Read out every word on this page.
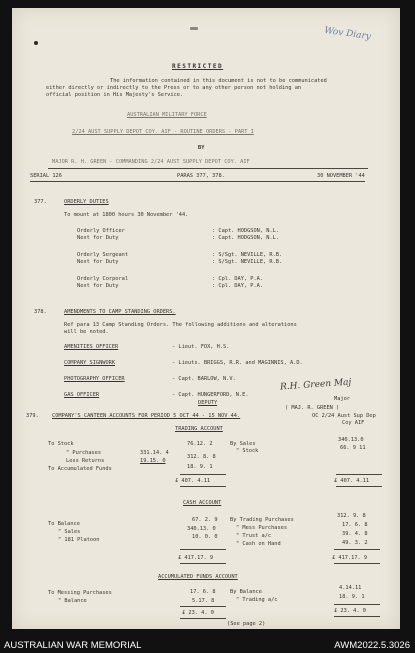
Wov Diary
RESTRICTED
The information contained in this document is not to be communicated
either directly or indirectly to the Press or to any other person not holding an
official position in His Majesty's Service.
AUSTRALIAN MILITARY FORCE
2/24 AUST SUPPLY DEPOT COY. AIF - ROUTINE ORDERS - PART I
BY
MAJOR R. H. GREEN - COMMANDING 2/24 AUST SUPPLY DEPOT COY. AIF
SERIAL 126	PARAS 377, 378.	30 NOVEMBER '44
377.	ORDERLY DUTIES
To mount at 1800 hours 30 November '44.
Orderly Officer	: Capt. HODGSON, N.L.
Next for Duty	: Capt. HODGSON, N.L.
Orderly Sergeant	: S/Sgt. NEVILLE, R.B.
Next for Duty	: S/Sgt. NEVILLE, R.B.
Orderly Corporal	: Cpl. DAY, P.A.
Next for Duty	: Cpl. DAY, P.A.
378.	AMENDMENTS TO CAMP STANDING ORDERS.
Ref para 13 Camp Standing Orders. The following additions and alterations
will be noted.
AMENITIES OFFICER	- Lieut. FOX, H.S.
COMPANY SIGNWORK	- Lieuts. BRIGGS, R.R. and MAGINNIS, A.D.
PHOTOGRAPHY OFFICER	- Capt. BARLOW, N.V.
GAS OFFICER	- Capt. HUNGERFORD, N.E.
DEPUTY
R.H. Green Maj
Major
( MAJ. R. GREEN )
OC 2/24 Aust Sup Dep
Coy AIF
379. COMPANY'S CANTEEN ACCOUNTS FOR PERIOD 5 OCT 44 - 15 NOV 44.
TRADING ACCOUNT
To Stock	76.12. 2
" Purchases	331.14. 4
Less Returns	19.15. 0
312. 8. 8
To Accumulated Funds	18. 9. 1
£ 407. 4.11
By Sales
340.13.0
" Stock	66. 9 11
£ 407. 4.11
CASH ACCOUNT
To Balance
67. 2. 9
" Sales	340.13. 0
" 181 Platoon	10. 0. 0
£ 417.17. 9
By Trading Purchases
312. 9. 8
" Mess Purchases	17. 6. 8
" Trust a/c	39. 4. 8
" Cash on Hand	49. 3. 2
£ 417.17. 9
ACCUMULATED FUNDS ACCOUNT
To Messing Purchases	17. 6. 8
" Balance	5.17. 8
£ 23. 4. 0
By Balance
4.14.11
" Trading a/c	18. 9. 1
£ 23. 4. 0
(See page 2)
AUSTRALIAN WAR MEMORIAL	AWM2022.5.3026
